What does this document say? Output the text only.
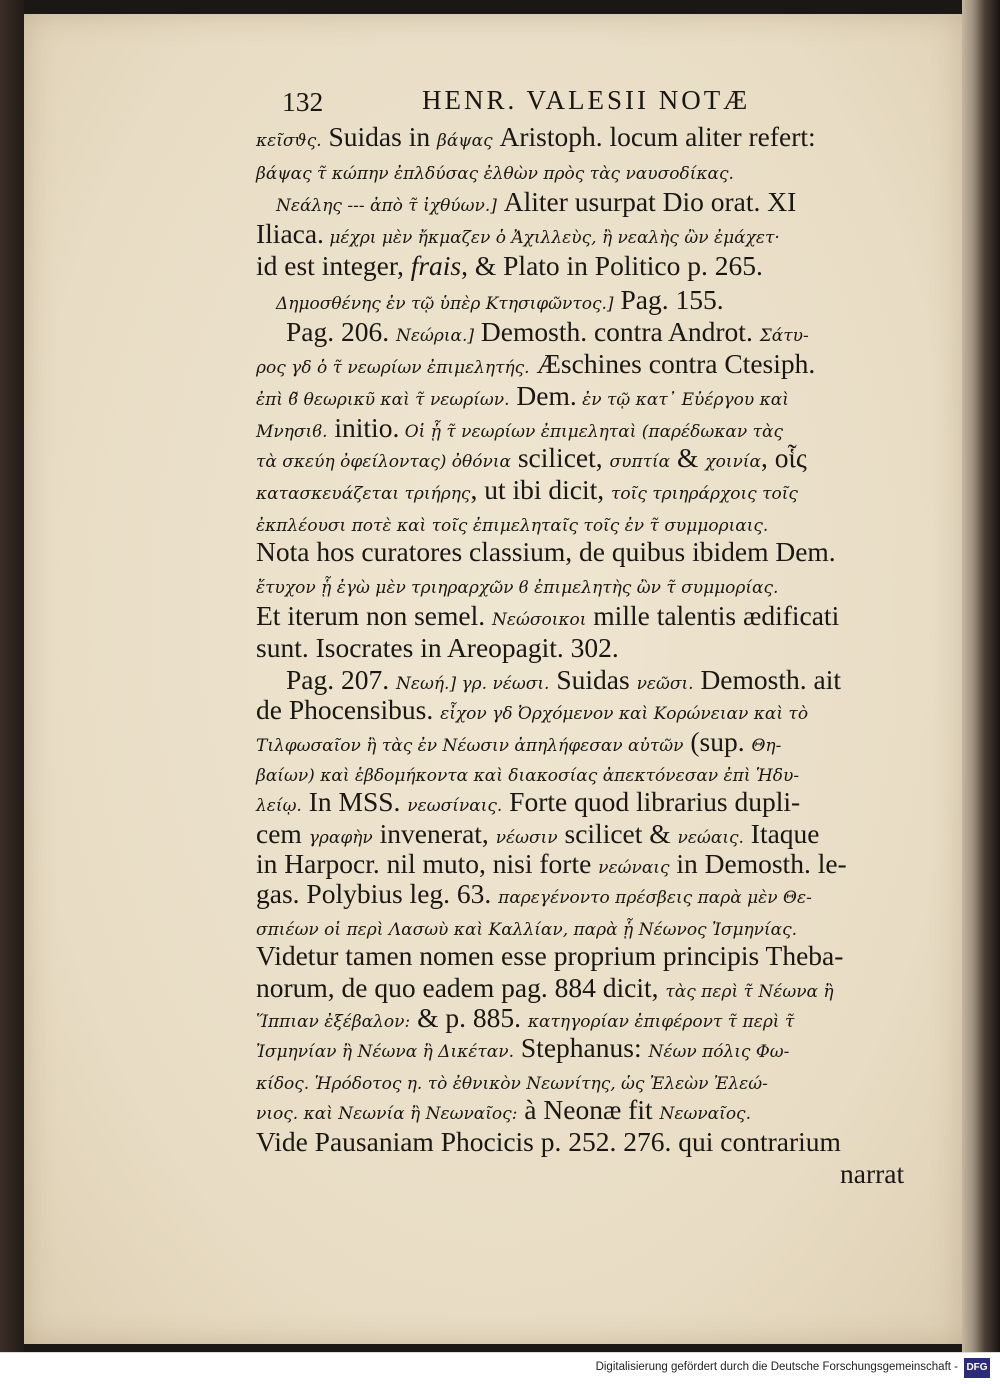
132	HENR. VALESII NOTÆ
κεῖσϑς. Suidas in βάψας Aristoph. locum aliter refert:
βάψας τ̃ κώπην ἐπλδύσας ἐλθὼν πρὸς τὰς ναυσοδίκας.
Νεάλης --- ἀπὸ τ̃ ἰχθύων.] Aliter usurpat Dio orat. XI
Iliaca. μέχρι μὲν ἤκμαζεν ὁ Ἀχιλλεὺς, ἢ νεαλὴς ὢν ἐμάχετ·
id est integer, frais, & Plato in Politico p. 265.
Δημοσθένης ἐν τῷ ὑπὲρ Κτησιφῶντος.] Pag. 155.
Pag. 206. Νεώρια.] Demosth. contra Androt. Σάτυ-
ρος γδ ὁ τ̃ νεωρίων ἐπιμελητής. Æschines contra Ctesiph.
ἐπὶ ϐ̃ θεωρικῦ καὶ τ̃ νεωρίων. Dem. ἐν τῷ κατ᾽ Εὐέργου καὶ
Μνησιϐ. initio. Οἱ ᾗ τ̃ νεωρίων ἐπιμεληταὶ (παρέδωκαν τὰς
τὰ σκεύη ὀφείλοντας) ὀθόνια scilicet, συπτία & χοινία, οἷς
κατασκευάζεται τριήρης, ut ibi dicit, τοῖς τριηράρχοις τοῖς
ἐκπλέουσι ποτὲ καὶ τοῖς ἐπιμεληταῖς τοῖς ἐν τ̃ συμμοριαις.
Nota hos curatores classium, de quibus ibidem Dem.
ἔτυχον ᾗ ἐγὼ μὲν τριηραρχῶν ϐ ἐπιμελητὴς ὢν τ̃ συμμορίας.
Et iterum non semel. Νεώσοικοι mille talentis ædificati
sunt. Isocrates in Areopagit. 302.
Pag. 207. Νεωή.] γρ. νέωσι. Suidas νεῶσι. Demosth. ait
de Phocensibus. εἶχον γδ Ὀρχόμενον καὶ Κορώνειαν καὶ τὸ
Τιλφωσαῖον ἢ τὰς ἐν Νέωσιν ἀπηλήφεσαν αὐτῶν (sup. Θη-
βαίων) καὶ ἑβδομήκοντα καὶ διακοσίας ἀπεκτόνεσαν ἐπὶ Ἡδυ-
λείῳ. In MSS. νεωσίναις. Forte quod librarius dupli-
cem γραφὴν invenerat, νέωσιν scilicet & νεώαις. Itaque
in Harpocr. nil muto, nisi forte νεώναις in Demosth. le-
gas. Polybius leg. 63. παρεγένοντο πρέσβεις παρὰ μὲν Θε-
σπιέων οἱ περὶ Λασωὺ καὶ Καλλίαν, παρὰ ᾗ Νέωνος Ἰσμηνίας.
Videtur tamen nomen esse proprium principis Theba-
norum, de quo eadem pag. 884 dicit, τὰς περὶ τ̃ Νέωνα ἢ
Ἵππιαν ἐξέβαλον: & p. 885. κατηγορίαν ἐπιφέροντ τ̃ περὶ τ̃
Ἰσμηνίαν ἢ Νέωνα ἢ Δικέταν. Stephanus: Νέων πόλις Φω-
κίδος. Ἡρόδοτος η. τὸ ἐθνικὸν Νεωνίτης, ὡς Ἐλεὼν Ἐλεώ-
νιος. καὶ Νεωνία ἢ Νεωναῖος: à Neonæ fit Νεωναῖος.
Vide Pausaniam Phocicis p. 252. 276. qui contrarium
narrat
Digitalisierung gefördert durch die Deutsche Forschungsgemeinschaft - DFG
